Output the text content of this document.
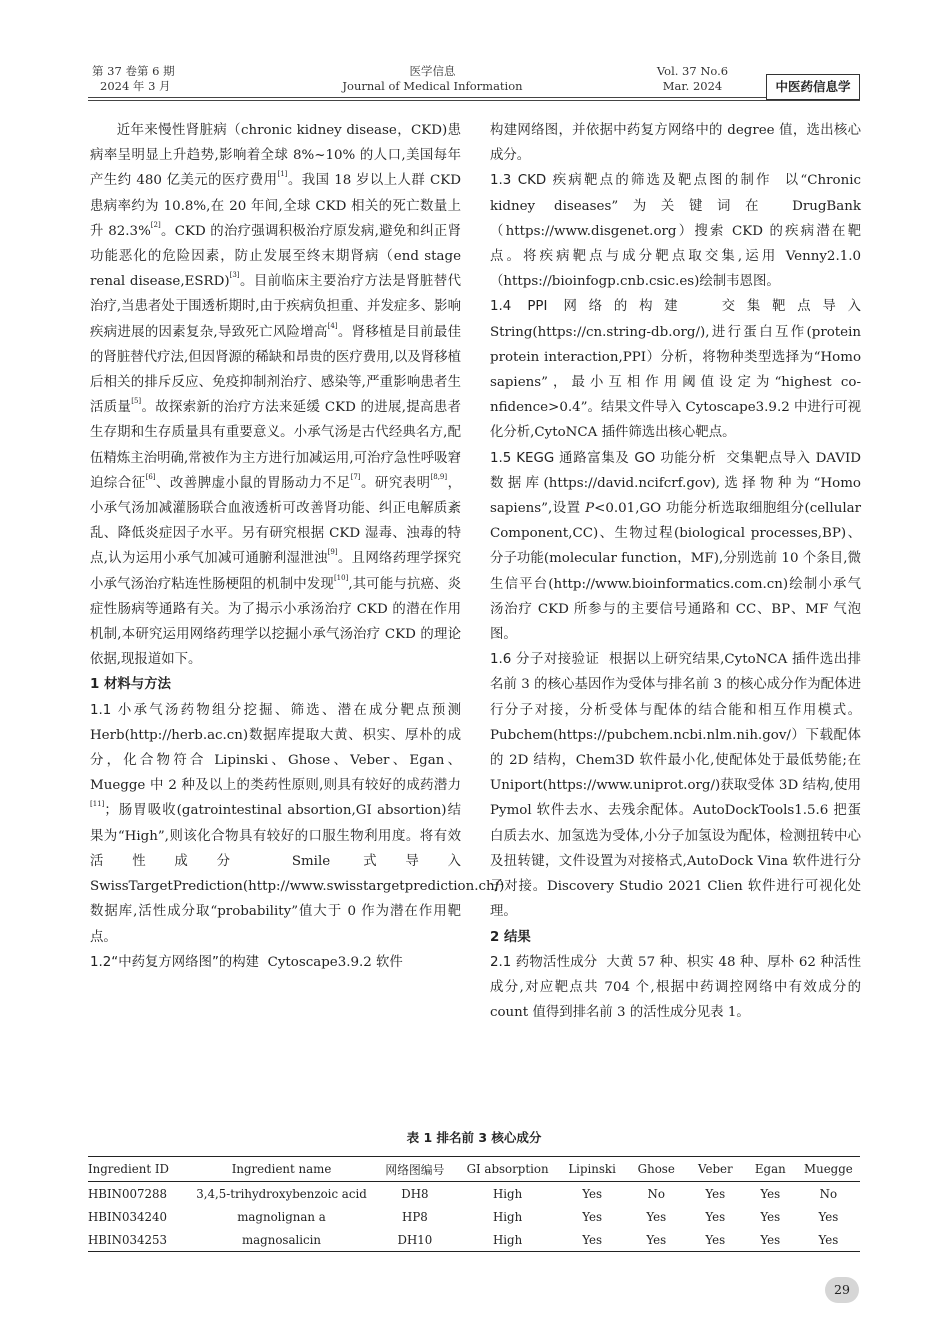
第 37 卷第 6 期
2024 年 3 月
医学信息
Journal of Medical Information
Vol. 37 No.6
Mar. 2024	中医药信息学

近年来慢性肾脏病（chronic kidney disease，CKD)患病率呈明显上升趋势,影响着全球 8%~10% 的人口,美国每年产生约 480 亿美元的医疗费用[1]。我国 18 岁以上人群 CKD 患病率约为 10.8%,在 20 年间,全球 CKD 相关的死亡数量上升 82.3%[2]。CKD 的治疗强调积极治疗原发病,避免和纠正肾功能恶化的危险因素，防止发展至终末期肾病（end stage renal disease,ESRD)[3]。目前临床主要治疗方法是肾脏替代治疗,当患者处于围透析期时,由于疾病负担重、并发症多、影响疾病进展的因素复杂,导致死亡风险增高[4]。肾移植是目前最佳的肾脏替代疗法,但因肾源的稀缺和昂贵的医疗费用,以及肾移植后相关的排斥反应、免疫抑制剂治疗、感染等,严重影响患者生活质量[5]。故探索新的治疗方法来延缓 CKD 的进展,提高患者生存期和生存质量具有重要意义。小承气汤是古代经典名方,配伍精炼主治明确,常被作为主方进行加减运用,可治疗急性呼吸窘迫综合征[6]、改善脾虚小鼠的胃肠动力不足[7]。研究表明[8,9]，小承气汤加减灌肠联合血液透析可改善肾功能、纠正电解质紊乱、降低炎症因子水平。另有研究根据 CKD 湿毒、浊毒的特点,认为运用小承气加减可通腑利湿泄浊[9]。且网络药理学探究小承气汤治疗粘连性肠梗阻的机制中发现[10],其可能与抗癌、炎症性肠病等通路有关。为了揭示小承汤治疗 CKD 的潜在作用机制,本研究运用网络药理学以挖掘小承气汤治疗 CKD 的理论依据,现报道如下。

1 材料与方法

1.1 小承气汤药物组分挖掘、筛选、潜在成分靶点预测 Herb(http://herb.ac.cn)数据库提取大黄、枳实、厚朴的成分，化合物符合 Lipinski、Ghose、Veber、Egan、Muegge 中 2 种及以上的类药性原则,则具有较好的成药潜力[11]；肠胃吸收(gatrointestinal absortion,GI absortion)结果为“High”,则该化合物具有较好的口服生物利用度。将有效活性成分 Smile 式导入 SwissTargetPrediction(http://www.swisstargetprediction.ch/)数据库,活性成分取“probability”值大于 0 作为潜在作用靶点。

1.2“中药复方网络图”的构建 Cytoscape3.9.2 软件

构建网络图，并依据中药复方网络中的 degree 值，选出核心成分。

1.3 CKD 疾病靶点的筛选及靶点图的制作 以“Chronic kidney diseases”为关键词在 DrugBank（https://www.disgenet.org）搜索 CKD 的疾病潜在靶点。将疾病靶点与成分靶点取交集,运用 Venny2.1.0（https://bioinfogp.cnb.csic.es)绘制韦恩图。

1.4 PPI 网络的构建 交集靶点导入 String(https://cn.string-db.org/),进行蛋白互作(protein protein interaction,PPI）分析，将物种类型选择为“Homo sapiens”，最小互相作用阈值设定为“highest co-nfidence>0.4”。结果文件导入 Cytoscape3.9.2 中进行可视化分析,CytoNCA 插件筛选出核心靶点。

1.5 KEGG 通路富集及 GO 功能分析 交集靶点导入 DAVID 数据库(https://david.ncifcrf.gov),选择物种为“Homo sapiens”,设置 P<0.01,GO 功能分析选取细胞组分(cellular Component,CC)、生物过程(biological processes,BP)、分子功能(molecular function，MF),分别选前 10 个条目,微生信平台(http://www.bioinformatics.com.cn)绘制小承气汤治疗 CKD 所参与的主要信号通路和 CC、BP、MF 气泡图。

1.6 分子对接验证 根据以上研究结果,CytoNCA 插件选出排名前 3 的核心基因作为受体与排名前 3 的核心成分作为配体进行分子对接，分析受体与配体的结合能和相互作用模式。Pubchem(https://pubchem.ncbi.nlm.nih.gov/）下载配体的 2D 结构，Chem3D 软件最小化,使配体处于最低势能;在 Uniport(https://www.uniprot.org/)获取受体 3D 结构,使用 Pymol 软件去水、去残余配体。AutoDockTools1.5.6 把蛋白质去水、加氢选为受体,小分子加氢设为配体，检测扭转中心及扭转键，文件设置为对接格式,AutoDock Vina 软件进行分子对接。Discovery Studio 2021 Clien 软件进行可视化处理。

2 结果

2.1 药物活性成分 大黄 57 种、枳实 48 种、厚朴 62 种活性成分,对应靶点共 704 个,根据中药调控网络中有效成分的 count 值得到排名前 3 的活性成分见表 1。

表 1 排名前 3 核心成分
Ingredient ID	Ingredient name	网络图编号	GI absorption	Lipinski	Ghose	Veber	Egan	Muegge
HBIN007288	3,4,5-trihydroxybenzoic acid	DH8	High	Yes	No	Yes	Yes	No
HBIN034240	magnolignan a	HP8	High	Yes	Yes	Yes	Yes	Yes
HBIN034253	magnosalicin	DH10	High	Yes	Yes	Yes	Yes	Yes
29
